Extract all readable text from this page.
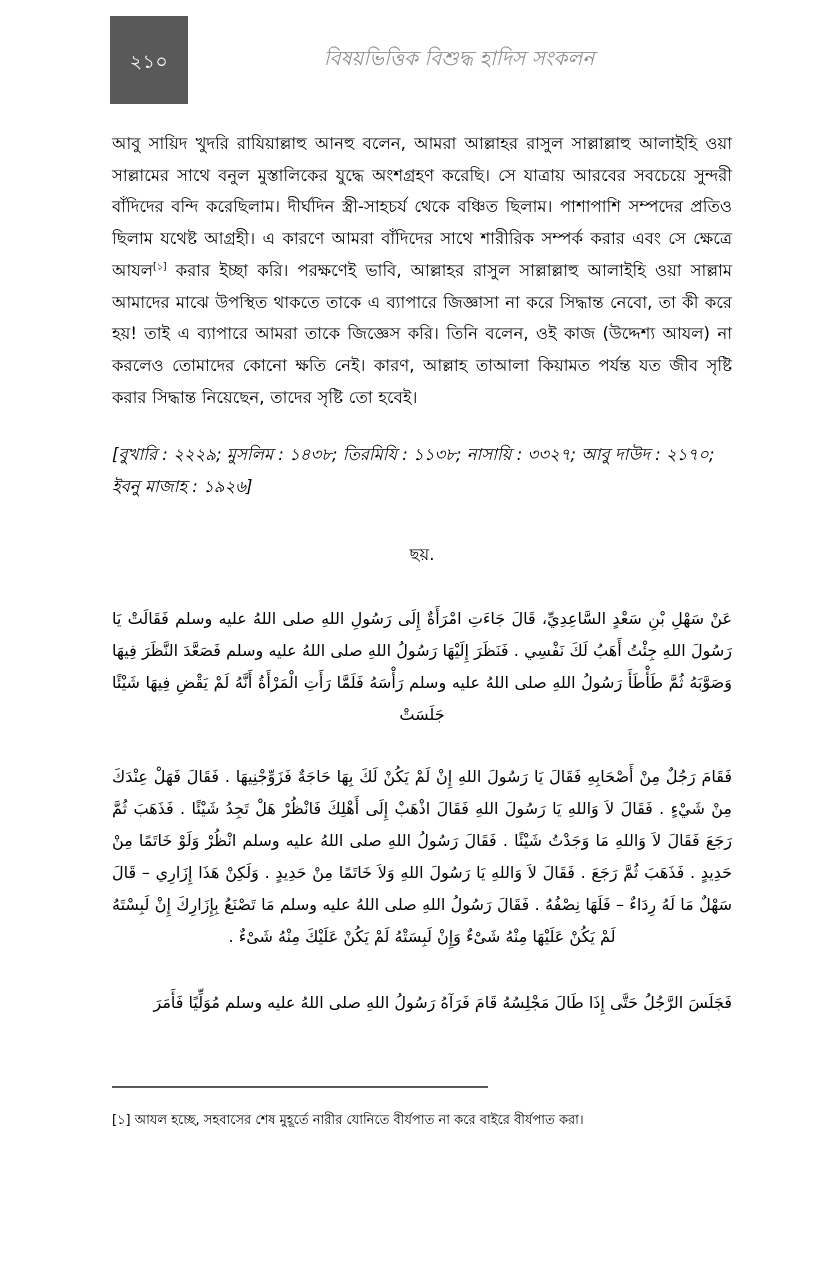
২১০	বিষয়ভিত্তিক বিশুদ্ধ হাদিস সংকলন

আবু সায়িদ খুদরি রাযিয়াল্লাহু আনহু বলেন, আমরা আল্লাহর রাসুল সাল্লাল্লাহু আলাইহি ওয়া সাল্লামের সাথে বনুল মুস্তালিকের যুদ্ধে অংশগ্রহণ করেছি। সে যাত্রায় আরবের সবচেয়ে সুন্দরী বাঁদিদের বন্দি করেছিলাম। দীর্ঘদিন স্ত্রী-সাহচর্য থেকে বঞ্চিত ছিলাম। পাশাপাশি সম্পদের প্রতিও ছিলাম যথেষ্ট আগ্রহী। এ কারণে আমরা বাঁদিদের সাথে শারীরিক সম্পর্ক করার এবং সে ক্ষেত্রে আযল[১] করার ইচ্ছা করি। পরক্ষণেই ভাবি, আল্লাহর রাসুল সাল্লাল্লাহু আলাইহি ওয়া সাল্লাম আমাদের মাঝে উপস্থিত থাকতে তাকে এ ব্যাপারে জিজ্ঞাসা না করে সিদ্ধান্ত নেবো, তা কী করে হয়! তাই এ ব্যাপারে আমরা তাকে জিজ্ঞেস করি। তিনি বলেন, ওই কাজ (উদ্দেশ্য আযল) না করলেও তোমাদের কোনো ক্ষতি নেই। কারণ, আল্লাহ তাআলা কিয়ামত পর্যন্ত যত জীব সৃষ্টি করার সিদ্ধান্ত নিয়েছেন, তাদের সৃষ্টি তো হবেই।

[বুখারি : ২২২৯; মুসলিম : ১৪৩৮; তিরমিযি : ১১৩৮; নাসায়ি : ৩৩২৭; আবু দাউদ : ২১৭০; ইবনু মাজাহ : ১৯২৬]

ছয়.

عَنْ سَهْلِ بْنِ سَعْدٍ السَّاعِدِيِّ، قَالَ جَاءَتِ امْرَأَةٌ إِلَى رَسُولِ اللهِ صلى اللهُ عليه وسلم فَقَالَتْ يَا رَسُولَ اللهِ جِئْتُ أَهَبُ لَكَ نَفْسِي . فَنَظَرَ إِلَيْهَا رَسُولُ اللهِ صلى اللهُ عليه وسلم فَصَعَّدَ النَّظَرَ فِيهَا وَصَوَّبَهُ ثُمَّ طَأْطَأَ رَسُولُ اللهِ صلى اللهُ عليه وسلم رَأْسَهُ فَلَمَّا رَأَتِ الْمَرْأَةُ أَنَّهُ لَمْ يَقْضِ فِيهَا شَيْئًا جَلَسَتْ

فَقَامَ رَجُلٌ مِنْ أَصْحَابِهِ فَقَالَ يَا رَسُولَ اللهِ إِنْ لَمْ يَكُنْ لَكَ بِهَا حَاجَةٌ فَزَوِّجْنِيهَا . فَقَالَ فَهَلْ عِنْدَكَ مِنْ شَيْءٍ . فَقَالَ لاَ وَاللهِ يَا رَسُولَ اللهِ فَقَالَ اذْهَبْ إِلَى أَهْلِكَ فَانْظُرْ هَلْ تَجِدُ شَيْئًا . فَذَهَبَ ثُمَّ رَجَعَ فَقَالَ لاَ وَاللهِ مَا وَجَدْتُ شَيْئًا . فَقَالَ رَسُولُ اللهِ صلى اللهُ عليه وسلم انْظُرْ وَلَوْ خَاتَمًا مِنْ حَدِيدٍ . فَذَهَبَ ثُمَّ رَجَعَ . فَقَالَ لاَ وَاللهِ يَا رَسُولَ اللهِ وَلاَ خَاتَمًا مِنْ حَدِيدٍ . وَلَكِنْ هَذَا إِزَارِي – قَالَ سَهْلٌ مَا لَهُ رِدَاءٌ – فَلَهَا نِصْفُهُ . فَقَالَ رَسُولُ اللهِ صلى اللهُ عليه وسلم مَا تَصْنَعُ بِإِزَارِكَ إِنْ لَبِسْتَهُ لَمْ يَكُنْ عَلَيْهَا مِنْهُ شَىْءٌ وَإِنْ لَبِسَتْهُ لَمْ يَكُنْ عَلَيْكَ مِنْهُ شَىْءٌ .

فَجَلَسَ الرَّجُلُ حَتَّى إِذَا طَالَ مَجْلِسُهُ قَامَ فَرَآهُ رَسُولُ اللهِ صلى اللهُ عليه وسلم مُوَلِّيًا فَأَمَرَ

[১] আযল হচ্ছে, সহবাসের শেষ মুহূর্তে নারীর যোনিতে বীর্যপাত না করে বাইরে বীর্যপাত করা।
